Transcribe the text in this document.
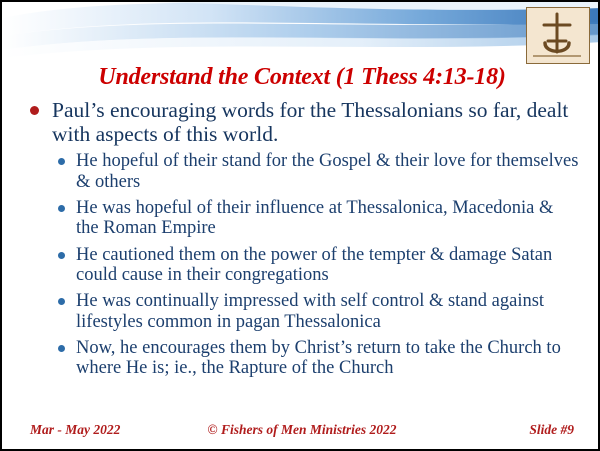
Understand the Context (1 Thess 4:13-18)
Paul’s encouraging words for the Thessalonians so far, dealt with aspects of this world.
He hopeful of their stand for the Gospel & their love for themselves & others
He was hopeful of their influence at Thessalonica, Macedonia & the Roman Empire
He cautioned them on the power of the tempter & damage Satan could cause in their congregations
He was continually impressed with self control & stand against lifestyles common in pagan Thessalonica
Now, he encourages them by Christ’s return to take the Church to where He is; ie., the Rapture of the Church
Mar - May 2022	© Fishers of Men Ministries 2022	Slide #9
